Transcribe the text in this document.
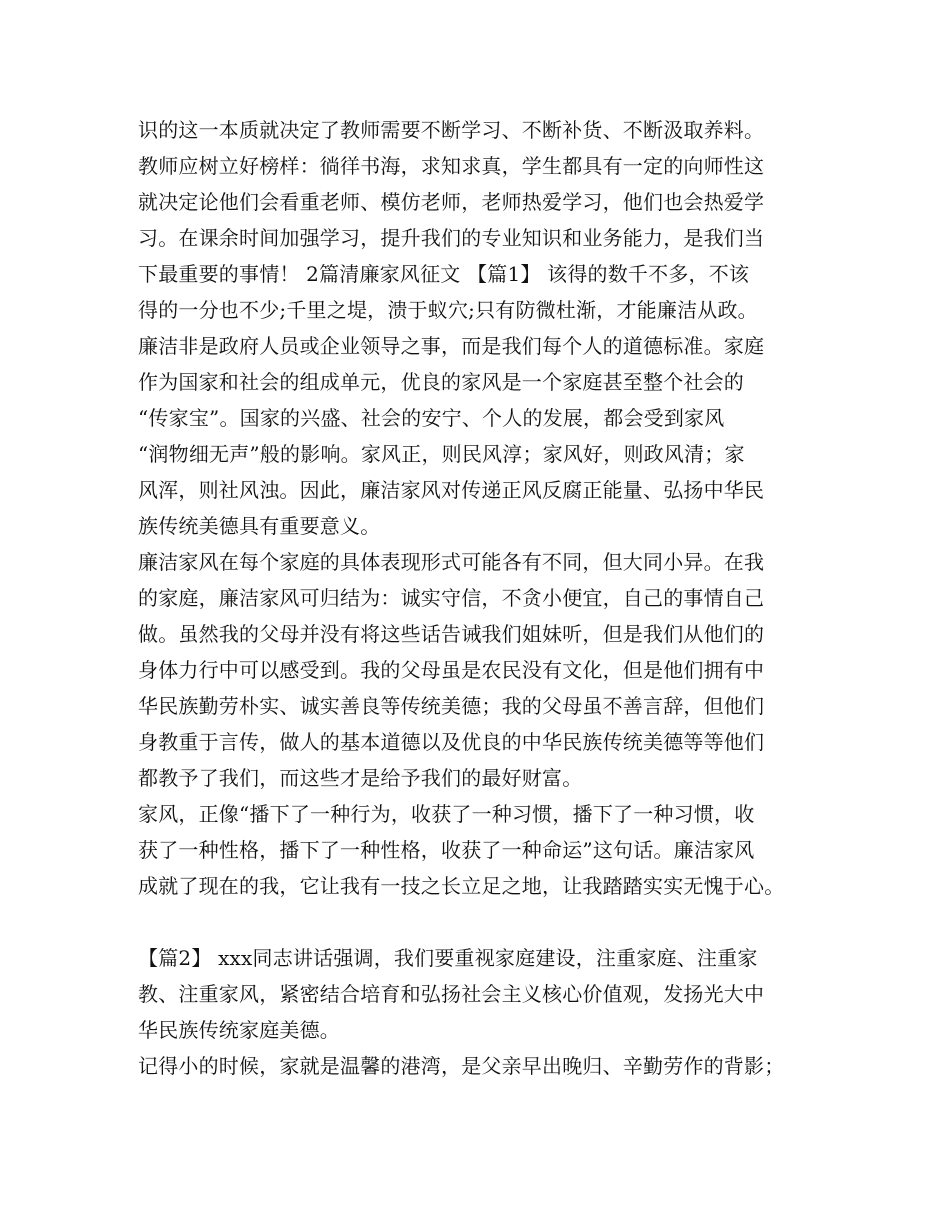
识的这一本质就决定了教师需要不断学习、不断补货、不断汲取养料。
教师应树立好榜样：徜徉书海，求知求真，学生都具有一定的向师性这
就决定论他们会看重老师、模仿老师，老师热爱学习，他们也会热爱学
习。在课余时间加强学习，提升我们的专业知识和业务能力，是我们当
下最重要的事情！ 2篇清廉家风征文 【篇1】 该得的数千不多，不该
得的一分也不少;千里之堤，溃于蚁穴;只有防微杜渐，才能廉洁从政。
廉洁非是政府人员或企业领导之事，而是我们每个人的道德标准。家庭
作为国家和社会的组成单元，优良的家风是一个家庭甚至整个社会的
“传家宝”。国家的兴盛、社会的安宁、个人的发展，都会受到家风
“润物细无声”般的影响。家风正，则民风淳；家风好，则政风清；家
风浑，则社风浊。因此，廉洁家风对传递正风反腐正能量、弘扬中华民
族传统美德具有重要意义。
廉洁家风在每个家庭的具体表现形式可能各有不同，但大同小异。在我
的家庭，廉洁家风可归结为：诚实守信，不贪小便宜，自己的事情自己
做。虽然我的父母并没有将这些话告诫我们姐妹听，但是我们从他们的
身体力行中可以感受到。我的父母虽是农民没有文化，但是他们拥有中
华民族勤劳朴实、诚实善良等传统美德；我的父母虽不善言辞，但他们
身教重于言传，做人的基本道德以及优良的中华民族传统美德等等他们
都教予了我们，而这些才是给予我们的最好财富。
家风，正像“播下了一种行为，收获了一种习惯，播下了一种习惯，收
获了一种性格，播下了一种性格，收获了一种命运”这句话。廉洁家风
成就了现在的我，它让我有一技之长立足之地，让我踏踏实实无愧于心。
【篇2】 xxx同志讲话强调，我们要重视家庭建设，注重家庭、注重家
教、注重家风，紧密结合培育和弘扬社会主义核心价值观，发扬光大中
华民族传统家庭美德。
记得小的时候，家就是温馨的港湾，是父亲早出晚归、辛勤劳作的背影；
